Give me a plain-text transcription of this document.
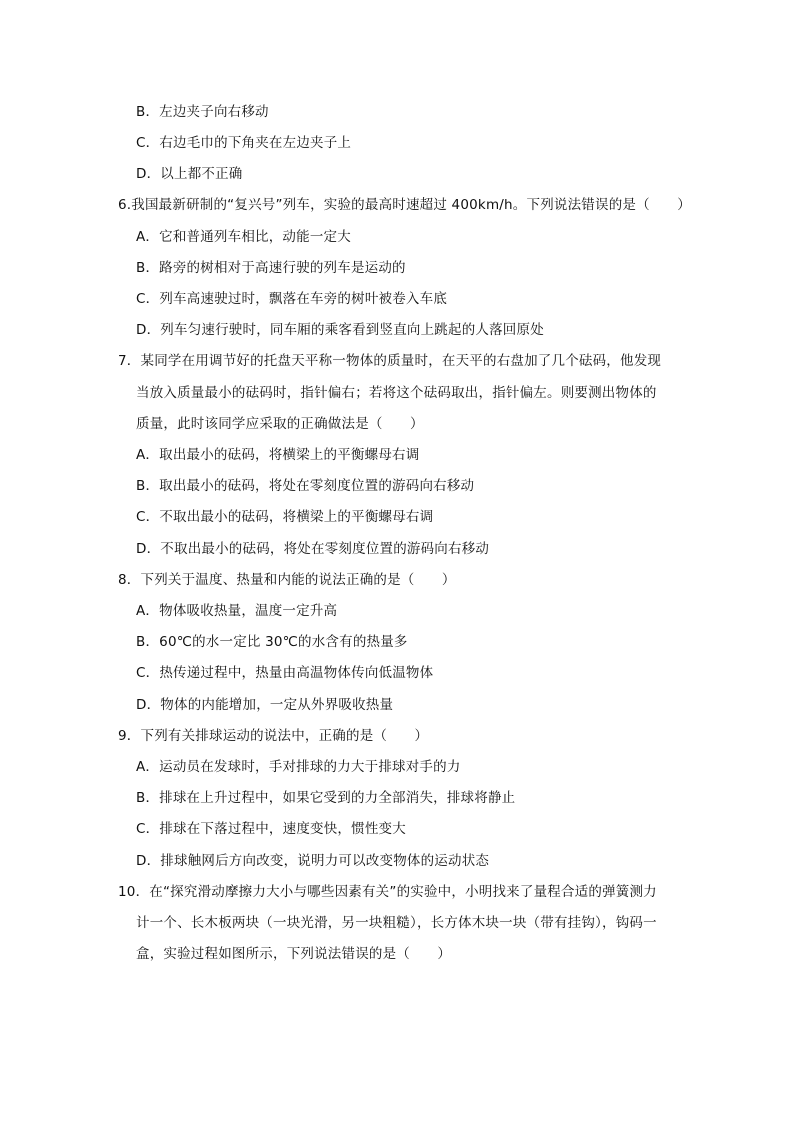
B．左边夹子向右移动
C．右边毛巾的下角夹在左边夹子上
D．以上都不正确
6.我国最新研制的“复兴号”列车，实验的最高时速超过 400km/h。下列说法错误的是（　　）
A．它和普通列车相比，动能一定大
B．路旁的树相对于高速行驶的列车是运动的
C．列车高速驶过时，飘落在车旁的树叶被卷入车底
D．列车匀速行驶时，同车厢的乘客看到竖直向上跳起的人落回原处
7．某同学在用调节好的托盘天平称一物体的质量时，在天平的右盘加了几个砝码，他发现
当放入质量最小的砝码时，指针偏右；若将这个砝码取出，指针偏左。则要测出物体的
质量，此时该同学应采取的正确做法是（　　）
A．取出最小的砝码，将横梁上的平衡螺母右调
B．取出最小的砝码，将处在零刻度位置的游码向右移动
C．不取出最小的砝码，将横梁上的平衡螺母右调
D．不取出最小的砝码，将处在零刻度位置的游码向右移动
8．下列关于温度、热量和内能的说法正确的是（　　）
A．物体吸收热量，温度一定升高
B．60℃的水一定比 30℃的水含有的热量多
C．热传递过程中，热量由高温物体传向低温物体
D．物体的内能增加，一定从外界吸收热量
9．下列有关排球运动的说法中，正确的是（　　）
A．运动员在发球时，手对排球的力大于排球对手的力
B．排球在上升过程中，如果它受到的力全部消失，排球将静止
C．排球在下落过程中，速度变快，惯性变大
D．排球触网后方向改变，说明力可以改变物体的运动状态
10．在“探究滑动摩擦力大小与哪些因素有关”的实验中，小明找来了量程合适的弹簧测力
计一个、长木板两块（一块光滑，另一块粗糙），长方体木块一块（带有挂钩），钩码一
盒，实验过程如图所示，下列说法错误的是（　　）
